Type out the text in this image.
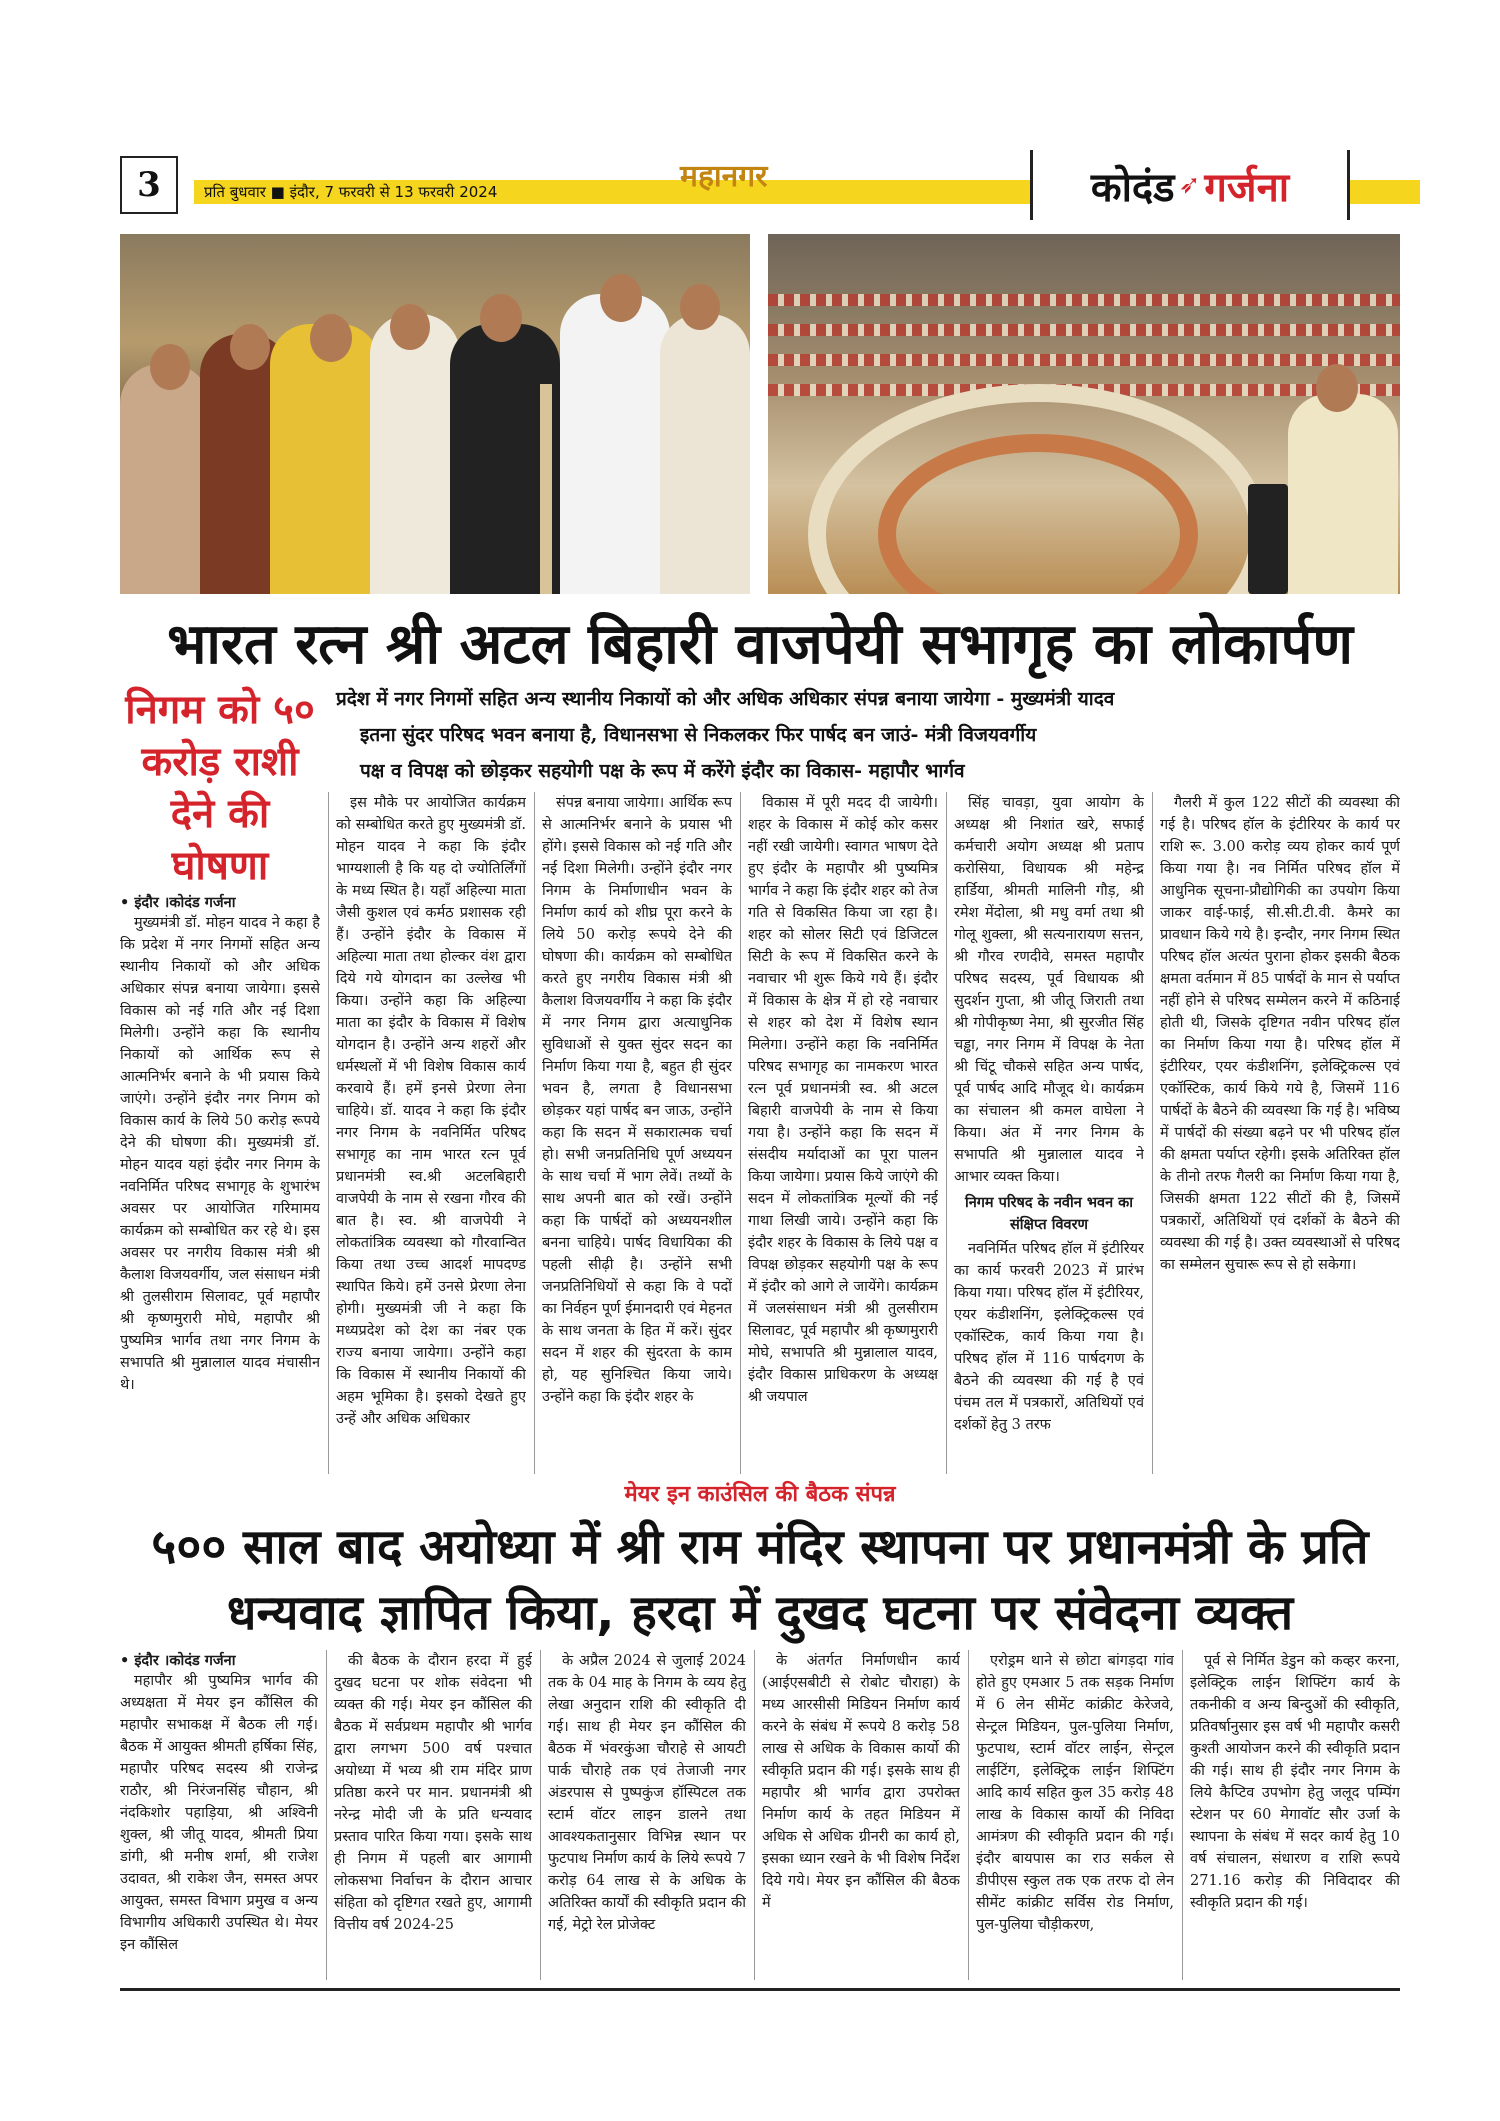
3	प्रति बुधवार ■ इंदौर, 7 फरवरी से 13 फरवरी 2024	महानगर	कोदंड ➶ गर्जना
भारत रत्न श्री अटल बिहारी वाजपेयी सभागृह का लोकार्पण
निगम को ५० करोड़ राशी देने की घोषणा
प्रदेश में नगर निगमों सहित अन्य स्थानीय निकायों को और अधिक अधिकार संपन्न बनाया जायेगा - मुख्यमंत्री यादव
इतना सुंदर परिषद भवन बनाया है, विधानसभा से निकलकर फिर पार्षद बन जाउं- मंत्री विजयवर्गीय
पक्ष व विपक्ष को छोड़कर सहयोगी पक्ष के रूप में करेंगे इंदौर का विकास- महापौर भार्गव
• इंदौर ।कोदंड गर्जना

मुख्यमंत्री डॉ. मोहन यादव ने कहा है कि प्रदेश में नगर निगमों सहित अन्य स्थानीय निकायों को और अधिक अधिकार संपन्न बनाया जायेगा। इससे विकास को नई गति और नई दिशा मिलेगी। उन्होंने कहा कि स्थानीय निकायों को आर्थिक रूप से आत्मनिर्भर बनाने के भी प्रयास किये जाएंगे। उन्होंने इंदौर नगर निगम को विकास कार्य के लिये 50 करोड़ रूपये देने की घोषणा की। मुख्यमंत्री डॉ. मोहन यादव यहां इंदौर नगर निगम के नवनिर्मित परिषद सभागृह के शुभारंभ अवसर पर आयोजित गरिमामय कार्यक्रम को सम्बोधित कर रहे थे। इस अवसर पर नगरीय विकास मंत्री श्री कैलाश विजयवर्गीय, जल संसाधन मंत्री श्री तुलसीराम सिलावट, पूर्व महापौर श्री कृष्णमुरारी मोघे, महापौर श्री पुष्यमित्र भार्गव तथा नगर निगम के सभापति श्री मुन्नालाल यादव मंचासीन थे।

इस मौके पर आयोजित कार्यक्रम को सम्बोधित करते हुए मुख्यमंत्री डॉ. मोहन यादव ने कहा कि इंदौर भाग्यशाली है कि यह दो ज्योतिर्लिंगों के मध्य स्थित है। यहाँ अहिल्या माता जैसी कुशल एवं कर्मठ प्रशासक रही हैं। उन्होंने इंदौर के विकास में अहिल्या माता तथा होल्कर वंश द्वारा दिये गये योगदान का उल्लेख भी किया। उन्होंने कहा कि अहिल्या माता का इंदौर के विकास में विशेष योगदान है। उन्होंने अन्य शहरों और धर्मस्थलों में भी विशेष विकास कार्य करवाये हैं। हमें इनसे प्रेरणा लेना चाहिये। डॉ. यादव ने कहा कि इंदौर नगर निगम के नवनिर्मित परिषद सभागृह का नाम भारत रत्न पूर्व प्रधानमंत्री स्व.श्री अटलबिहारी वाजपेयी के नाम से रखना गौरव की बात है। स्व. श्री वाजपेयी ने लोकतांत्रिक व्यवस्था को गौरवान्वित किया तथा उच्च आदर्श मापदण्ड स्थापित किये। हमें उनसे प्रेरणा लेना होगी। मुख्यमंत्री जी ने कहा कि मध्यप्रदेश को देश का नंबर एक राज्य बनाया जायेगा। उन्होंने कहा कि विकास में स्थानीय निकायों की अहम भूमिका है। इसको देखते हुए उन्हें और अधिक अधिकार

संपन्न बनाया जायेगा। आर्थिक रूप से आत्मनिर्भर बनाने के प्रयास भी होंगे। इससे विकास को नई गति और नई दिशा मिलेगी। उन्होंने इंदौर नगर निगम के निर्माणाधीन भवन के निर्माण कार्य को शीघ्र पूरा करने के लिये 50 करोड़ रूपये देने की घोषणा की। कार्यक्रम को सम्बोधित करते हुए नगरीय विकास मंत्री श्री कैलाश विजयवर्गीय ने कहा कि इंदौर में नगर निगम द्वारा अत्याधुनिक सुविधाओं से युक्त सुंदर सदन का निर्माण किया गया है, बहुत ही सुंदर भवन है, लगता है विधानसभा छोड़कर यहां पार्षद बन जाऊ, उन्होंने कहा कि सदन में सकारात्मक चर्चा हो। सभी जनप्रतिनिधि पूर्ण अध्ययन के साथ चर्चा में भाग लेवें। तथ्यों के साथ अपनी बात को रखें। उन्होंने कहा कि पार्षदों को अध्ययनशील बनना चाहिये। पार्षद विधायिका की पहली सीढ़ी है। उन्होंने सभी जनप्रतिनिधियों से कहा कि वे पदों का निर्वहन पूर्ण ईमानदारी एवं मेहनत के साथ जनता के हित में करें। सुंदर सदन में शहर की सुंदरता के काम हो, यह सुनिश्चित किया जाये। उन्होंने कहा कि इंदौर शहर के

विकास में पूरी मदद दी जायेगी। शहर के विकास में कोई कोर कसर नहीं रखी जायेगी। स्वागत भाषण देते हुए इंदौर के महापौर श्री पुष्यमित्र भार्गव ने कहा कि इंदौर शहर को तेज गति से विकसित किया जा रहा है। शहर को सोलर सिटी एवं डिजिटल सिटी के रूप में विकसित करने के नवाचार भी शुरू किये गये हैं। इंदौर में विकास के क्षेत्र में हो रहे नवाचार से शहर को देश में विशेष स्थान मिलेगा। उन्होंने कहा कि नवनिर्मित परिषद सभागृह का नामकरण भारत रत्न पूर्व प्रधानमंत्री स्व. श्री अटल बिहारी वाजपेयी के नाम से किया गया है। उन्होंने कहा कि सदन में संसदीय मर्यादाओं का पूरा पालन किया जायेगा। प्रयास किये जाएंगे की सदन में लोकतांत्रिक मूल्यों की नई गाथा लिखी जाये। उन्होंने कहा कि इंदौर शहर के विकास के लिये पक्ष व विपक्ष छोड़कर सहयोगी पक्ष के रूप में इंदौर को आगे ले जायेंगे। कार्यक्रम में जलसंसाधन मंत्री श्री तुलसीराम सिलावट, पूर्व महापौर श्री कृष्णमुरारी मोघे, सभापति श्री मुन्नालाल यादव, इंदौर विकास प्राधिकरण के अध्यक्ष श्री जयपाल

सिंह चावड़ा, युवा आयोग के अध्यक्ष श्री निशांत खरे, सफाई कर्मचारी अयोग अध्यक्ष श्री प्रताप करोसिया, विधायक श्री महेन्द्र हार्डिया, श्रीमती मालिनी गौड़, श्री रमेश मेंदोला, श्री मधु वर्मा तथा श्री गोलू शुक्ला, श्री सत्यनारायण सत्तन, श्री गौरव रणदीवे, समस्त महापौर परिषद सदस्य, पूर्व विधायक श्री सुदर्शन गुप्ता, श्री जीतू जिराती तथा श्री गोपीकृष्ण नेमा, श्री सुरजीत सिंह चड्ढा, नगर निगम में विपक्ष के नेता श्री चिंटू चौकसे सहित अन्य पार्षद, पूर्व पार्षद आदि मौजूद थे। कार्यक्रम का संचालन श्री कमल वाघेला ने किया। अंत में नगर निगम के सभापति श्री मुन्नालाल यादव ने आभार व्यक्त किया।

निगम परिषद के नवीन भवन का संक्षिप्त विवरण

नवनिर्मित परिषद हॉल में इंटीरियर का कार्य फरवरी 2023 में प्रारंभ किया गया। परिषद हॉल में इंटीरियर, एयर कंडीशनिंग, इलेक्ट्रिकल्स एवं एकॉस्टिक, कार्य किया गया है। परिषद हॉल में 116 पार्षदगण के बैठने की व्यवस्था की गई है एवं पंचम तल में पत्रकारों, अतिथियों एवं दर्शकों हेतु 3 तरफ

गैलरी में कुल 122 सीटों की व्यवस्था की गई है। परिषद हॉल के इंटीरियर के कार्य पर राशि रू. 3.00 करोड़ व्यय होकर कार्य पूर्ण किया गया है। नव निर्मित परिषद हॉल में आधुनिक सूचना-प्रौद्योगिकी का उपयोग किया जाकर वाई-फाई, सी.सी.टी.वी. कैमरे का प्रावधान किये गये है। इन्दौर, नगर निगम स्थित परिषद हॉल अत्यंत पुराना होकर इसकी बैठक क्षमता वर्तमान में 85 पार्षदों के मान से पर्याप्त नहीं होने से परिषद सम्मेलन करने में कठिनाई होती थी, जिसके दृष्टिगत नवीन परिषद हॉल का निर्माण किया गया है। परिषद हॉल में इंटीरियर, एयर कंडीशनिंग, इलेक्ट्रिकल्स एवं एकॉस्टिक, कार्य किये गये है, जिसमें 116 पार्षदों के बैठने की व्यवस्था कि गई है। भविष्य में पार्षदों की संख्या बढ़ने पर भी परिषद हॉल की क्षमता पर्याप्त रहेगी। इसके अतिरिक्त हॉल के तीनो तरफ गैलरी का निर्माण किया गया है, जिसकी क्षमता 122 सीटों की है, जिसमें पत्रकारों, अतिथियों एवं दर्शकों के बैठने की व्यवस्था की गई है। उक्त व्यवस्थाओं से परिषद का सम्मेलन सुचारू रूप से हो सकेगा।

मेयर इन काउंसिल की बैठक संपन्न
५०० साल बाद अयोध्या में श्री राम मंदिर स्थापना पर प्रधानमंत्री के प्रति धन्यवाद ज्ञापित किया, हरदा में दुखद घटना पर संवेदना व्यक्त
• इंदौर ।कोदंड गर्जना

महापौर श्री पुष्यमित्र भार्गव की अध्यक्षता में मेयर इन कौंसिल की महापौर सभाकक्ष में बैठक ली गई। बैठक में आयुक्त श्रीमती हर्षिका सिंह, महापौर परिषद सदस्य श्री राजेन्द्र राठौर, श्री निरंजनसिंह चौहान, श्री नंदकिशोर पहाड़िया, श्री अश्विनी शुक्ल, श्री जीतू यादव, श्रीमती प्रिया डांगी, श्री मनीष शर्मा, श्री राजेश उदावत, श्री राकेश जैन, समस्त अपर आयुक्त, समस्त विभाग प्रमुख व अन्य विभागीय अधिकारी उपस्थित थे। मेयर इन कौंसिल

की बैठक के दौरान हरदा में हुई दुखद घटना पर शोक संवेदना भी व्यक्त की गई। मेयर इन कौंसिल की बैठक में सर्वप्रथम महापौर श्री भार्गव द्वारा लगभग 500 वर्ष पश्चात अयोध्या में भव्य श्री राम मंदिर प्राण प्रतिष्ठा करने पर मान. प्रधानमंत्री श्री नरेन्द्र मोदी जी के प्रति धन्यवाद प्रस्ताव पारित किया गया। इसके साथ ही निगम में पहली बार आगामी लोकसभा निर्वाचन के दौरान आचार संहिता को दृष्टिगत रखते हुए, आगामी वित्तीय वर्ष 2024-25

के अप्रैल 2024 से जुलाई 2024 तक के 04 माह के निगम के व्यय हेतु लेखा अनुदान राशि की स्वीकृति दी गई। साथ ही मेयर इन कौंसिल की बैठक में भंवरकुंआ चौराहे से आयटी पार्क चौराहे तक एवं तेजाजी नगर अंडरपास से पुष्पकुंज हॉस्पिटल तक स्टार्म वॉटर लाइन डालने तथा आवश्यकतानुसार विभिन्न स्थान पर फुटपाथ निर्माण कार्य के लिये रूपये 7 करोड़ 64 लाख से के अधिक के अतिरिक्त कार्यों की स्वीकृति प्रदान की गई, मेट्रो रेल प्रोजेक्ट

के अंतर्गत निर्माणधीन कार्य (आईएसबीटी से रोबोट चौराहा) के मध्य आरसीसी मिडियन निर्माण कार्य करने के संबंध में रूपये 8 करोड़ 58 लाख से अधिक के विकास कार्यो की स्वीकृति प्रदान की गई। इसके साथ ही महापौर श्री भार्गव द्वारा उपरोक्त निर्माण कार्य के तहत मिडियन में अधिक से अधिक ग्रीनरी का कार्य हो, इसका ध्यान रखने के भी विशेष निर्देश दिये गये। मेयर इन कौंसिल की बैठक में

एरोड्रम थाने से छोटा बांगड़दा गांव होते हुए एमआर 5 तक सड़क निर्माण में 6 लेन सीमेंट कांक्रीट केरेजवे, सेन्ट्रल मिडियन, पुल-पुलिया निर्माण, फुटपाथ, स्टार्म वॉटर लाईन, सेन्ट्रल लाईटिंग, इलेक्ट्रिक लाईन शिफ्टिंग आदि कार्य सहित कुल 35 करोड़ 48 लाख के विकास कार्यो की निविदा आमंत्रण की स्वीकृति प्रदान की गई। इंदौर बायपास का राउ सर्कल से डीपीएस स्कुल तक एक तरफ दो लेन सीमेंट कांक्रीट सर्विस रोड निर्माण, पुल-पुलिया चौड़ीकरण,

पूर्व से निर्मित डेडुन को कव्हर करना, इलेक्ट्रिक लाईन शिफ्टिंग कार्य के तकनीकी व अन्य बिन्दुओं की स्वीकृति, प्रतिवर्षानुसार इस वर्ष भी महापौर कसरी कुश्ती आयोजन करने की स्वीकृति प्रदान की गई। साथ ही इंदौर नगर निगम के लिये कैप्टिव उपभोग हेतु जलूद पम्पिंग स्टेशन पर 60 मेगावॉट सौर उर्जा के स्थापना के संबंध में सदर कार्य हेतु 10 वर्ष संचालन, संधारण व राशि रूपये 271.16 करोड़ की निविदादर की स्वीकृति प्रदान की गई।
